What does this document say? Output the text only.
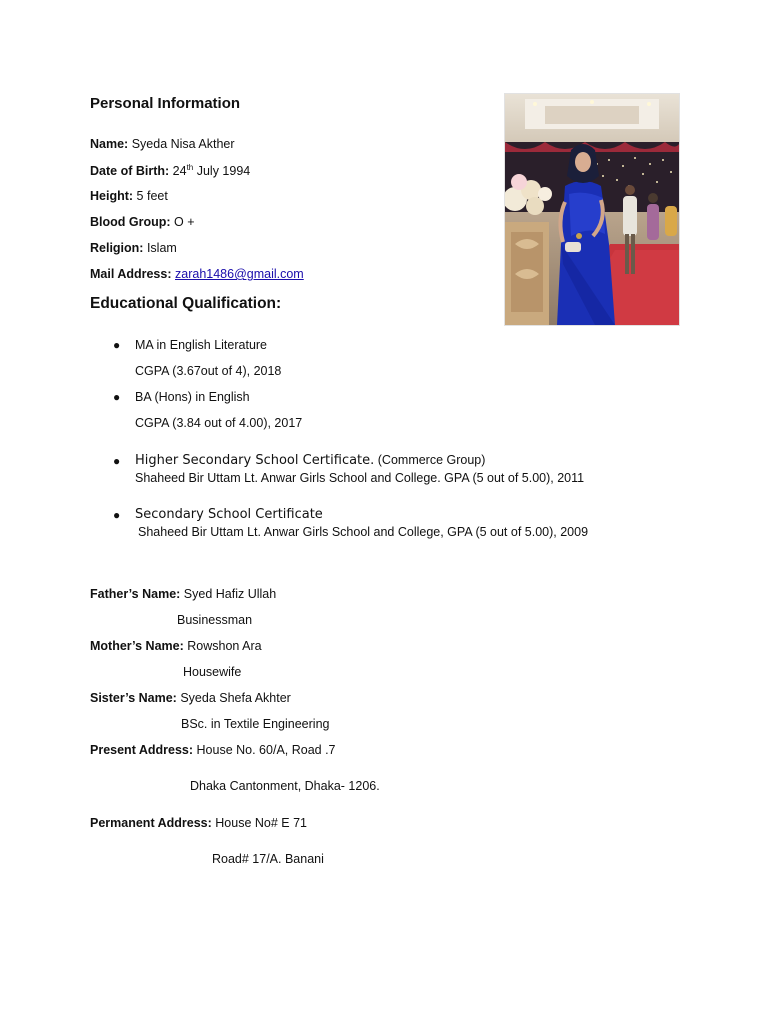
Personal Information
Name: Syeda Nisa Akther
Date of Birth: 24th July 1994
Height: 5 feet
Blood Group: O +
Religion: Islam
Mail Address: zarah1486@gmail.com
Educational Qualification:
● MA in English Literature
CGPA (3.67out of 4), 2018
● BA (Hons) in English
CGPA (3.84 out of 4.00), 2017
● Higher Secondary School Certificate. (Commerce Group)
Shaheed Bir Uttam Lt. Anwar Girls School and College. GPA (5 out of 5.00), 2011
● Secondary School Certificate
Shaheed Bir Uttam Lt. Anwar Girls School and College, GPA (5 out of 5.00), 2009
Father’s Name: Syed Hafiz Ullah
Businessman
Mother’s Name: Rowshon Ara
Housewife
Sister’s Name: Syeda Shefa Akhter
BSc. in Textile Engineering
Present Address: House No. 60/A, Road .7
Dhaka Cantonment, Dhaka- 1206.
Permanent Address: House No# E 71
Road# 17/A. Banani
